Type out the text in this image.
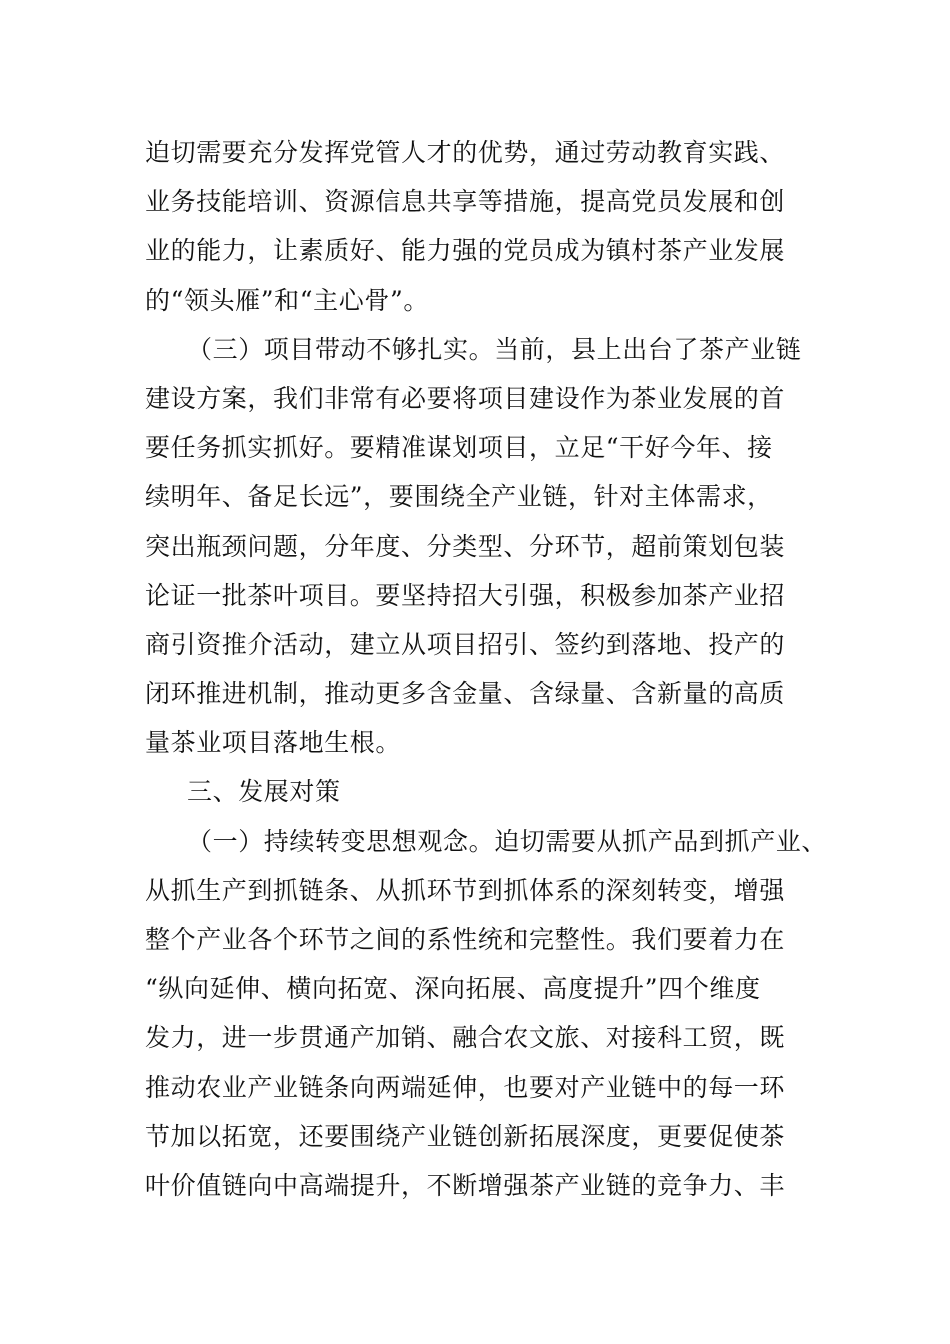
迫切需要充分发挥党管人才的优势，通过劳动教育实践、
业务技能培训、资源信息共享等措施，提高党员发展和创
业的能力，让素质好、能力强的党员成为镇村茶产业发展
的“领头雁”和“主心骨”。
（三）项目带动不够扎实。当前，县上出台了茶产业链
建设方案，我们非常有必要将项目建设作为茶业发展的首
要任务抓实抓好。要精准谋划项目，立足“干好今年、接
续明年、备足长远”，要围绕全产业链，针对主体需求，
突出瓶颈问题，分年度、分类型、分环节，超前策划包装
论证一批茶叶项目。要坚持招大引强，积极参加茶产业招
商引资推介活动，建立从项目招引、签约到落地、投产的
闭环推进机制，推动更多含金量、含绿量、含新量的高质
量茶业项目落地生根。
三、发展对策
（一）持续转变思想观念。迫切需要从抓产品到抓产业、
从抓生产到抓链条、从抓环节到抓体系的深刻转变，增强
整个产业各个环节之间的系性统和完整性。我们要着力在
“纵向延伸、横向拓宽、深向拓展、高度提升”四个维度
发力，进一步贯通产加销、融合农文旅、对接科工贸，既
推动农业产业链条向两端延伸，也要对产业链中的每一环
节加以拓宽，还要围绕产业链创新拓展深度，更要促使茶
叶价值链向中高端提升，不断增强茶产业链的竞争力、丰
